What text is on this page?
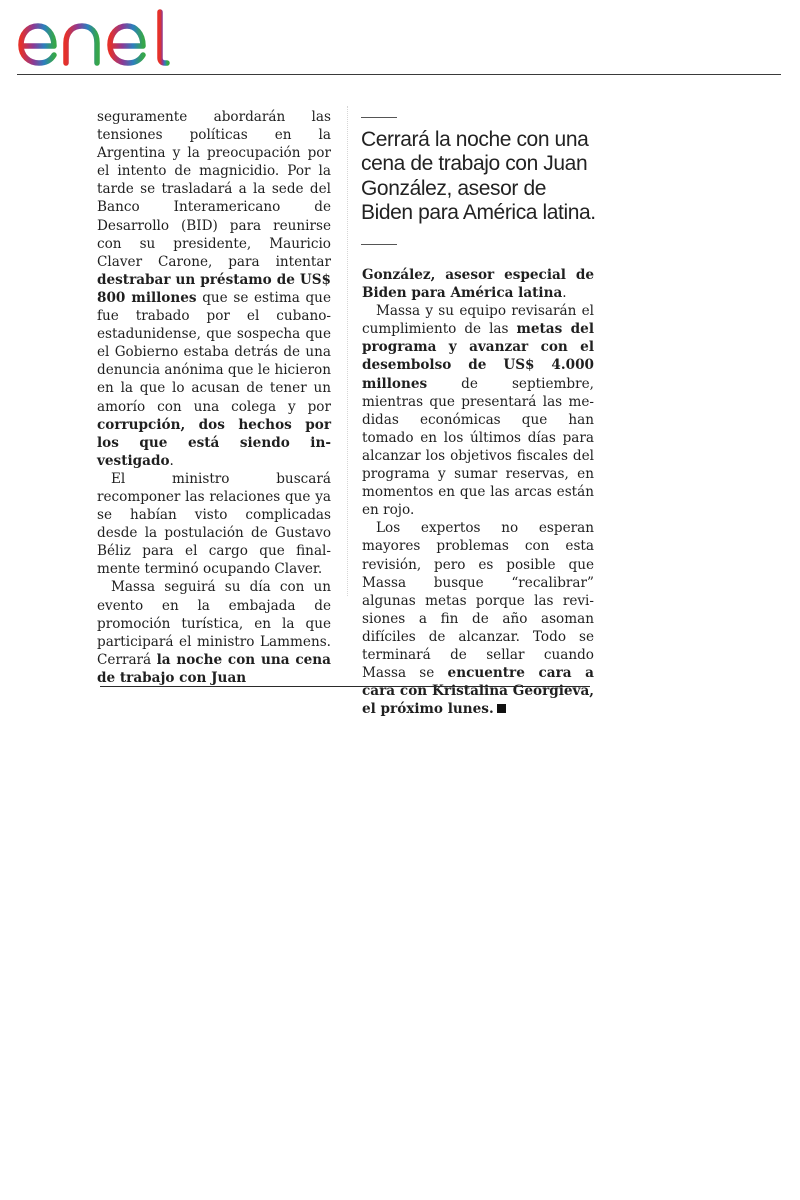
seguramente abordarán las tensiones políticas en la Argentina y la preocupación por el intento de magnicidio. Por la tarde se trasladará a la sede del Banco Interamericano de Desarrollo (BID) para reunirse con su presidente, Mauricio Claver Carone, para intentar destrabar un préstamo de US$ 800 millones que se estima que fue trabado por el cubano-estadunidense, que sospecha que el Gobierno estaba detrás de una denuncia anónima que le hicieron en la que lo acusan de tener un amorío con una colega y por corrupción, dos hechos por los que está siendo investigado.

El ministro buscará recomponer las relaciones que ya se habían visto complicadas desde la postulación de Gustavo Béliz para el cargo que finalmente terminó ocupando Claver.

Massa seguirá su día con un evento en la embajada de promoción turística, en la que participará el ministro Lammens. Cerrará la noche con una cena de trabajo con Juan

Cerrará la noche con una cena de trabajo con Juan González, asesor de Biden para América latina.

González, asesor especial de Biden para América latina.

Massa y su equipo revisarán el cumplimiento de las metas del programa y avanzar con el desembolso de US$ 4.000 millones de septiembre, mientras que presentará las medidas económicas que han tomado en los últimos días para alcanzar los objetivos fiscales del programa y sumar reservas, en momentos en que las arcas están en rojo.

Los expertos no esperan mayores problemas con esta revisión, pero es posible que Massa busque “recalibrar” algunas metas porque las revisiones a fin de año asoman difíciles de alcanzar. Todo se terminará de sellar cuando Massa se encuentre cara a cara con Kristalina Georgieva, el próximo lunes.
